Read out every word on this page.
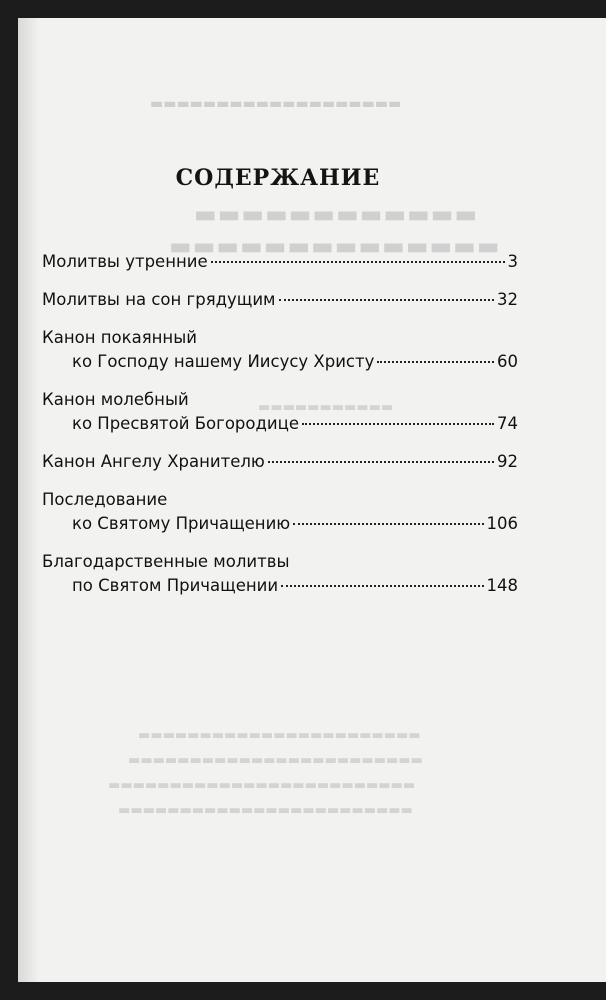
▬▬▬▬▬▬▬▬▬▬▬▬▬▬▬▬▬▬▬
▬▬▬▬▬▬▬▬▬▬▬▬
▬▬▬▬▬▬▬▬▬▬▬▬▬▬
▬▬▬▬▬▬▬▬▬▬▬
▬▬▬▬▬▬▬▬▬▬▬▬▬▬▬▬▬▬▬▬▬▬▬
▬▬▬▬▬▬▬▬▬▬▬▬▬▬▬▬▬▬▬▬▬▬▬▬
▬▬▬▬▬▬▬▬▬▬▬▬▬▬▬▬▬▬▬▬▬▬▬▬▬
▬▬▬▬▬▬▬▬▬▬▬▬▬▬▬▬▬▬▬▬▬▬▬▬
СОДЕРЖАНИЕ
Молитвы утренние	3
Молитвы на сон грядущим	32
Канон покаянный
ко Господу нашему Иисусу Христу	60
Канон молебный
ко Пресвятой Богородице	74
Канон Ангелу Хранителю	92
Последование
ко Святому Причащению	106
Благодарственные молитвы
по Святом Причащении	148
